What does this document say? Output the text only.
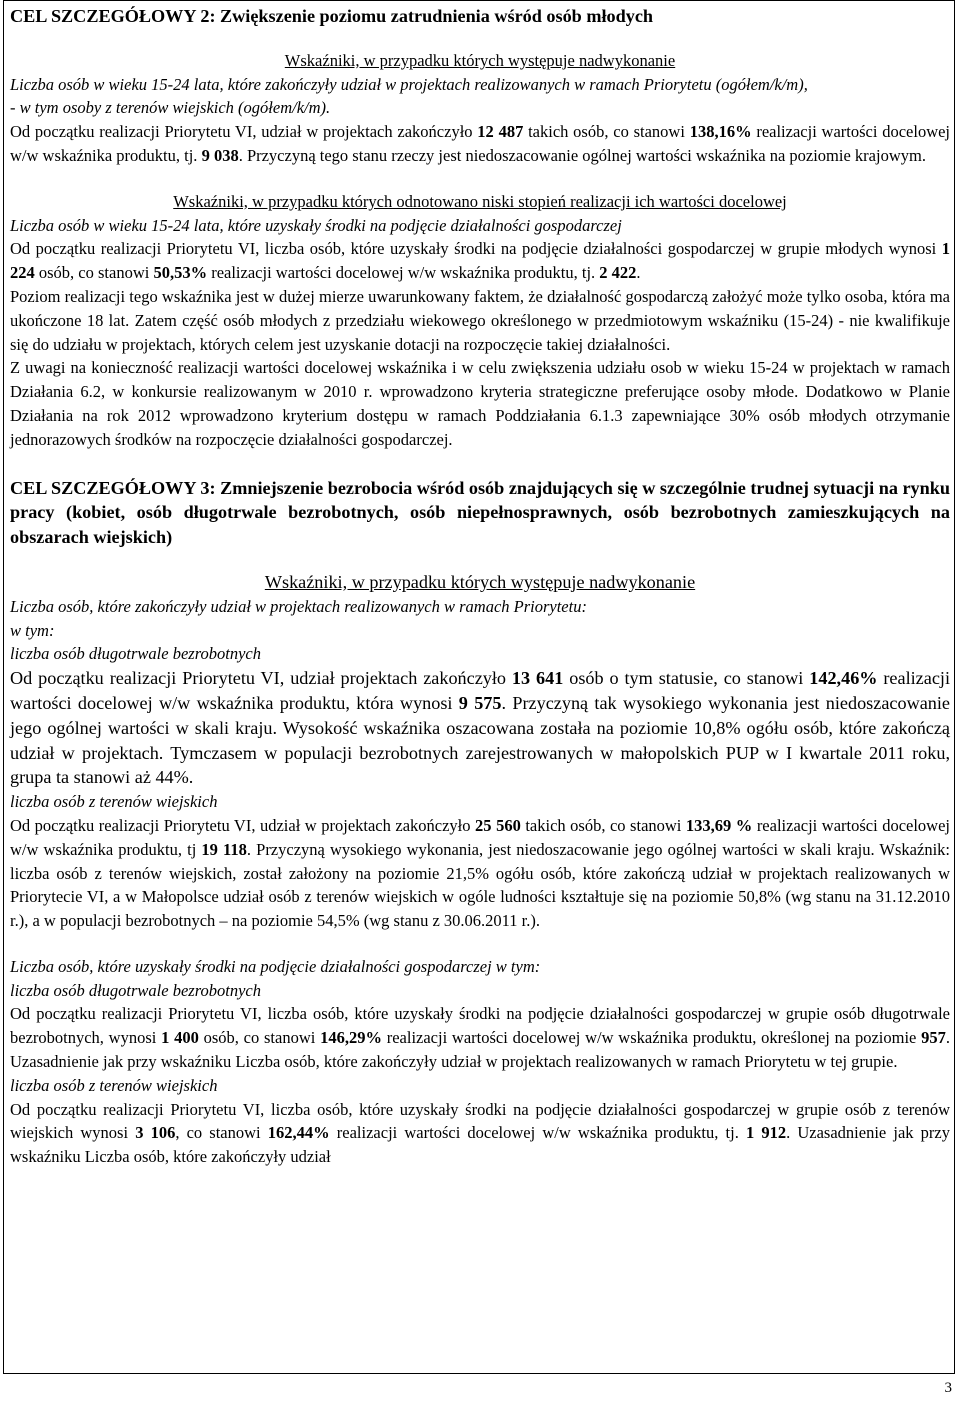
CEL SZCZEGÓŁOWY 2: Zwiększenie poziomu zatrudnienia wśród osób młodych

Wskaźniki, w przypadku których występuje nadwykonanie

Liczba osób w wieku 15-24 lata, które zakończyły udział w projektach realizowanych w ramach Priorytetu (ogółem/k/m),

- w tym osoby z terenów wiejskich (ogółem/k/m).

Od początku realizacji Priorytetu VI, udział w projektach zakończyło 12 487 takich osób, co stanowi 138,16% realizacji wartości docelowej w/w wskaźnika produktu, tj. 9 038. Przyczyną tego stanu rzeczy jest niedoszacowanie ogólnej wartości wskaźnika na poziomie krajowym.

Wskaźniki, w przypadku których odnotowano niski stopień realizacji ich wartości docelowej

Liczba osób w wieku 15-24 lata, które uzyskały środki na podjęcie działalności gospodarczej

Od początku realizacji Priorytetu VI, liczba osób, które uzyskały środki na podjęcie działalności gospodarczej w grupie młodych wynosi 1 224 osób, co stanowi 50,53% realizacji wartości docelowej w/w wskaźnika produktu, tj. 2 422.

Poziom realizacji tego wskaźnika jest w dużej mierze uwarunkowany faktem, że działalność gospodarczą założyć może tylko osoba, która ma ukończone 18 lat. Zatem część osób młodych z przedziału wiekowego określonego w przedmiotowym wskaźniku (15-24) - nie kwalifikuje się do udziału w projektach, których celem jest uzyskanie dotacji na rozpoczęcie takiej działalności.

Z uwagi na konieczność realizacji wartości docelowej wskaźnika i w celu zwiększenia udziału osob w wieku 15-24 w projektach w ramach Działania 6.2, w konkursie realizowanym w 2010 r. wprowadzono kryteria strategiczne preferujące osoby młode. Dodatkowo w Planie Działania na rok 2012 wprowadzono kryterium dostępu w ramach Poddziałania 6.1.3 zapewniające 30% osób młodych otrzymanie jednorazowych środków na rozpoczęcie działalności gospodarczej.

CEL SZCZEGÓŁOWY 3: Zmniejszenie bezrobocia wśród osób znajdujących się w szczególnie trudnej sytuacji na rynku pracy (kobiet, osób długotrwale bezrobotnych, osób niepełnosprawnych, osób bezrobotnych zamieszkujących na obszarach wiejskich)

Wskaźniki, w przypadku których występuje nadwykonanie

Liczba osób, które zakończyły udział w projektach realizowanych w ramach Priorytetu:

w tym:

liczba osób długotrwale bezrobotnych

Od początku realizacji Priorytetu VI, udział projektach zakończyło 13 641 osób o tym statusie, co stanowi 142,46% realizacji wartości docelowej w/w wskaźnika produktu, która wynosi 9 575. Przyczyną tak wysokiego wykonania jest niedoszacowanie jego ogólnej wartości w skali kraju. Wysokość wskaźnika oszacowana została na poziomie 10,8% ogółu osób, które zakończą udział w projektach. Tymczasem w populacji bezrobotnych zarejestrowanych w małopolskich PUP w I kwartale 2011 roku, grupa ta stanowi aż 44%.

liczba osób z terenów wiejskich

Od początku realizacji Priorytetu VI, udział w projektach zakończyło 25 560 takich osób, co stanowi 133,69 % realizacji wartości docelowej w/w wskaźnika produktu, tj 19 118. Przyczyną wysokiego wykonania, jest niedoszacowanie jego ogólnej wartości w skali kraju. Wskaźnik: liczba osób z terenów wiejskich, został założony na poziomie 21,5% ogółu osób, które zakończą udział w projektach realizowanych w Priorytecie VI, a w Małopolsce udział osób z terenów wiejskich w ogóle ludności kształtuje się na poziomie 50,8% (wg stanu na 31.12.2010 r.), a w populacji bezrobotnych – na poziomie 54,5% (wg stanu z 30.06.2011 r.).

Liczba osób, które uzyskały środki na podjęcie działalności gospodarczej w tym:

liczba osób długotrwale bezrobotnych

Od początku realizacji Priorytetu VI, liczba osób, które uzyskały środki na podjęcie działalności gospodarczej w grupie osób długotrwale bezrobotnych, wynosi 1 400 osób, co stanowi 146,29% realizacji wartości docelowej w/w wskaźnika produktu, określonej na poziomie 957. Uzasadnienie jak przy wskaźniku Liczba osób, które zakończyły udział w projektach realizowanych w ramach Priorytetu w tej grupie.

liczba osób z terenów wiejskich

Od początku realizacji Priorytetu VI, liczba osób, które uzyskały środki na podjęcie działalności gospodarczej w grupie osób z terenów wiejskich wynosi 3 106, co stanowi 162,44% realizacji wartości docelowej w/w wskaźnika produktu, tj. 1 912. Uzasadnienie jak przy wskaźniku Liczba osób, które zakończyły udział

3
